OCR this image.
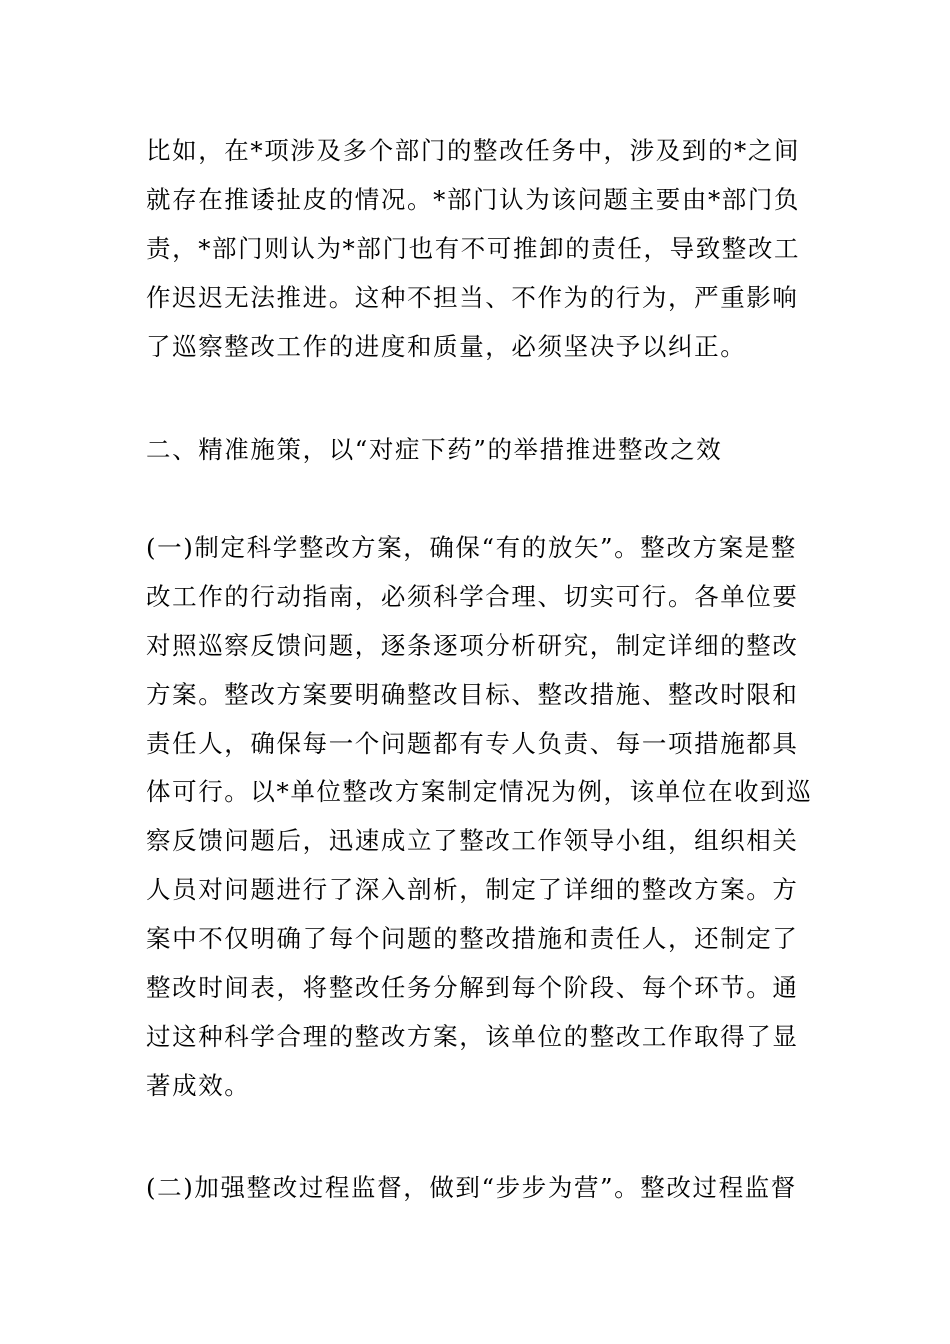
比如，在*项涉及多个部门的整改任务中，涉及到的*之间
就存在推诿扯皮的情况。*部门认为该问题主要由*部门负
责，*部门则认为*部门也有不可推卸的责任，导致整改工
作迟迟无法推进。这种不担当、不作为的行为，严重影响
了巡察整改工作的进度和质量，必须坚决予以纠正。

二、精准施策，以“对症下药”的举措推进整改之效

(一)制定科学整改方案，确保“有的放矢”。整改方案是整
改工作的行动指南，必须科学合理、切实可行。各单位要
对照巡察反馈问题，逐条逐项分析研究，制定详细的整改
方案。整改方案要明确整改目标、整改措施、整改时限和
责任人，确保每一个问题都有专人负责、每一项措施都具
体可行。以*单位整改方案制定情况为例，该单位在收到巡
察反馈问题后，迅速成立了整改工作领导小组，组织相关
人员对问题进行了深入剖析，制定了详细的整改方案。方
案中不仅明确了每个问题的整改措施和责任人，还制定了
整改时间表，将整改任务分解到每个阶段、每个环节。通
过这种科学合理的整改方案，该单位的整改工作取得了显
著成效。

(二)加强整改过程监督，做到“步步为营”。整改过程监督
